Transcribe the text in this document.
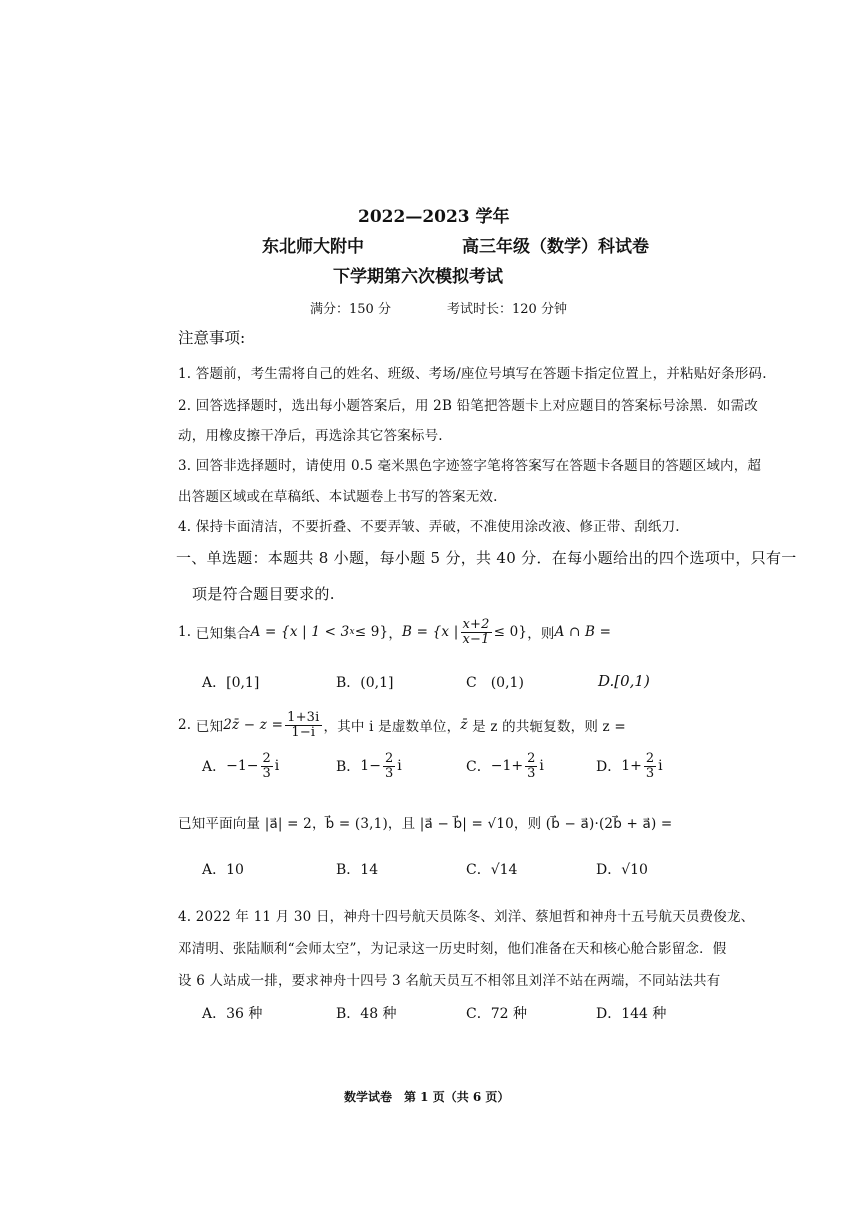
2022—2023 学年
东北师大附中	高三年级（数学）科试卷
下学期第六次模拟考试
满分：150 分	考试时长：120 分钟
注意事项:
1. 答题前，考生需将自己的姓名、班级、考场/座位号填写在答题卡指定位置上，并粘贴好条形码.
2. 回答选择题时，选出每小题答案后，用 2B 铅笔把答题卡上对应题目的答案标号涂黑．如需改
动，用橡皮擦干净后，再选涂其它答案标号.
3. 回答非选择题时，请使用 0.5 毫米黑色字迹签字笔将答案写在答题卡各题目的答题区域内，超
出答题区域或在草稿纸、本试题卷上书写的答案无效.
4. 保持卡面清洁，不要折叠、不要弄皱、弄破，不准使用涂改液、修正带、刮纸刀.
一、单选题：本题共 8 小题，每小题 5 分，共 40 分．在每小题给出的四个选项中，只有一
项是符合题目要求的.
1.
已知集合 A = {x | 1 < 3 x ≤ 9} ， B = {x | $\frac{x+2}{x-1} \le 0$} ，则 A ∩ B =
A．[0,1]	B．(0,1]	C　(0,1)	D.[0,1)
2.
已知 2z̄ − $z = \frac{1+3i}{1-i}$ ，其中 i 是虚数单位， z̄
是 z 的共轭复数，则 z =
A． $-1- \frac{2}{3}$ i	B． $1- \frac{2}{3}$ i	C． $-1+ \frac{2}{3}$ i	D． $1+ \frac{2}{3}$ i
已知平面向量 |a⃗| = 2，b⃗ = (3,1)，且 |a⃗ − b⃗| = √10，则 (b⃗ − a⃗)·(2b⃗ + a⃗) =
A．10	B．14	C．√14	D．√10
4. 2022 年 11 月 30 日，神舟十四号航天员陈冬、刘洋、蔡旭哲和神舟十五号航天员费俊龙、
邓清明、张陆顺利“会师太空”，为记录这一历史时刻，他们准备在天和核心舱合影留念．假
设 6 人站成一排，要求神舟十四号 3 名航天员互不相邻且刘洋不站在两端，不同站法共有
A．36 种	B．48 种	C．72 种	D．144 种
数学试卷　第 1 页（共 6 页）
